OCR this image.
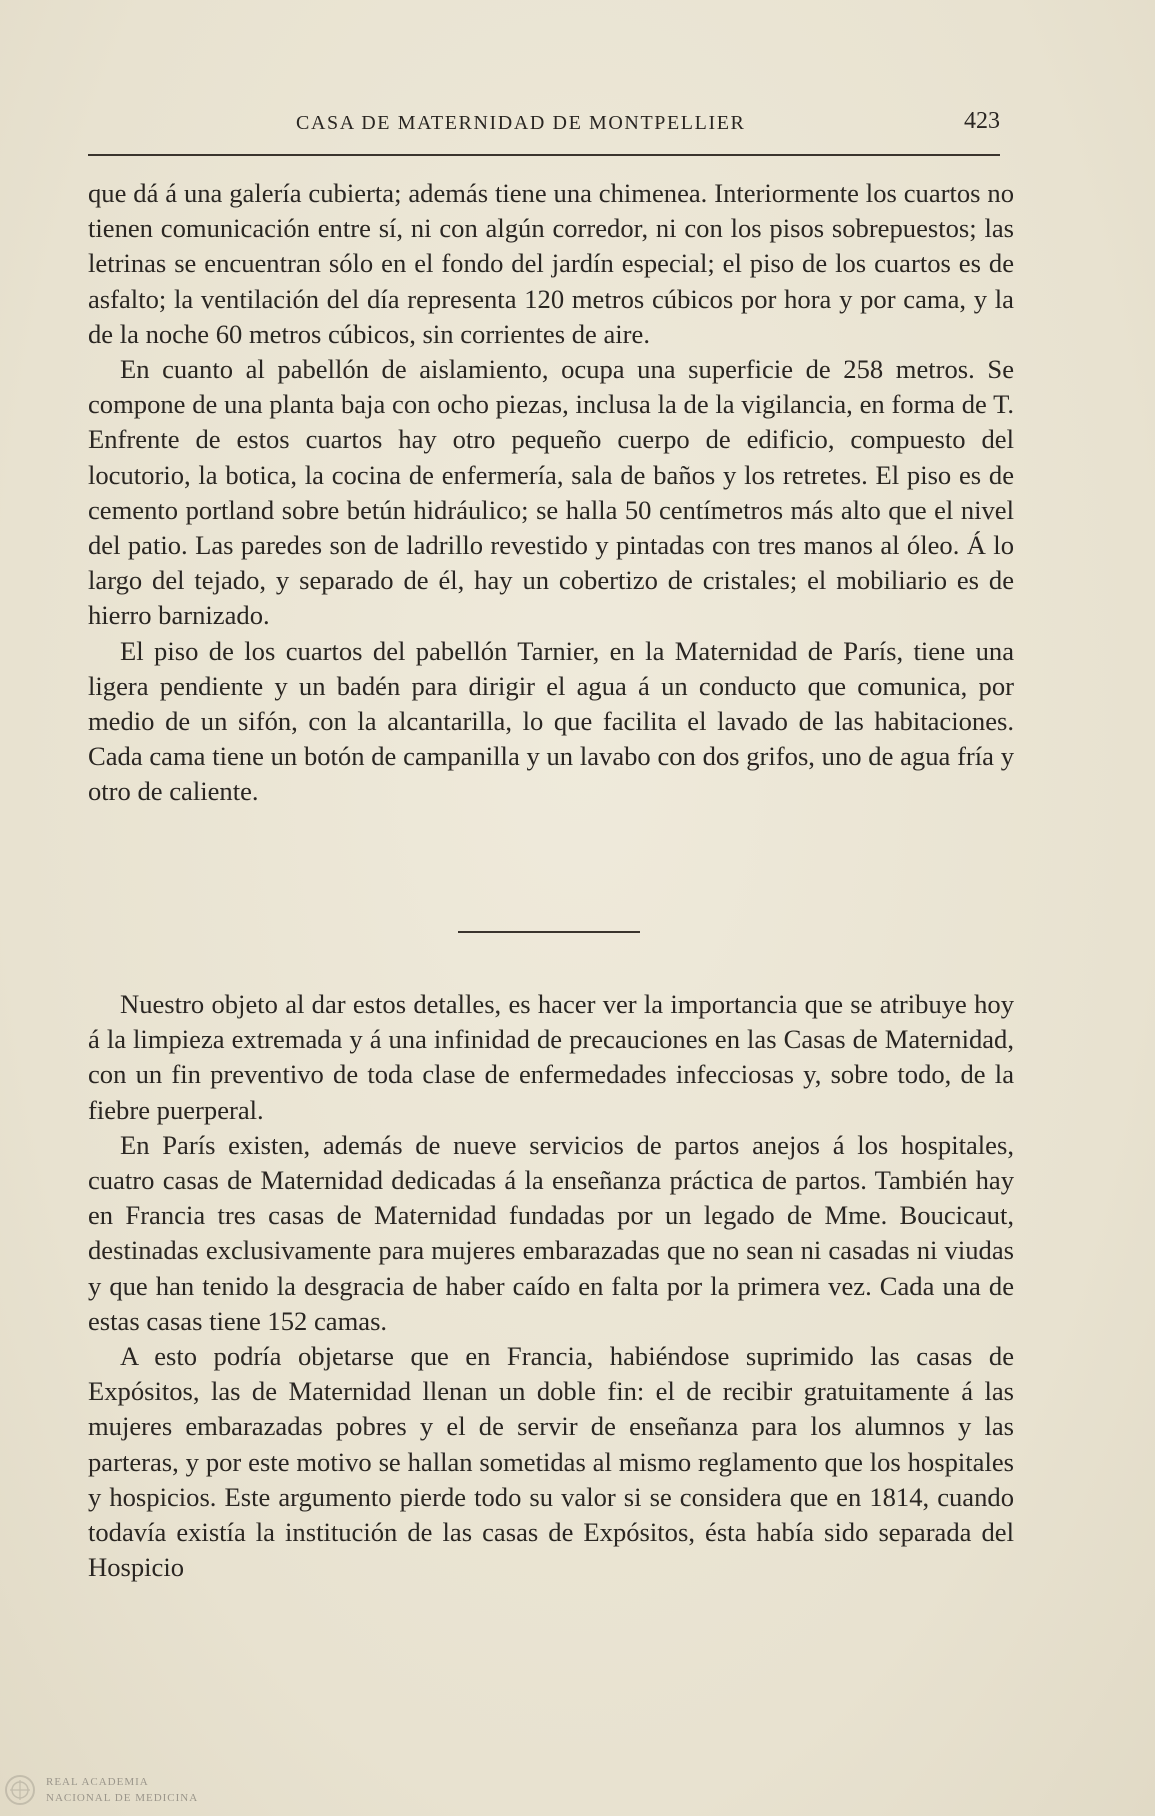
CASA DE MATERNIDAD DE MONTPELLIER	423

que dá á una galería cubierta; además tiene una chimenea. Interiormente los cuartos no tienen comunicación entre sí, ni con algún corredor, ni con los pisos sobrepuestos; las letrinas se encuentran sólo en el fondo del jardín especial; el piso de los cuartos es de asfalto; la ventilación del día representa 120 metros cúbicos por hora y por cama, y la de la noche 60 metros cúbicos, sin corrientes de aire.

En cuanto al pabellón de aislamiento, ocupa una superficie de 258 metros. Se compone de una planta baja con ocho piezas, inclusa la de la vigilancia, en forma de T. Enfrente de estos cuartos hay otro pequeño cuerpo de edificio, compuesto del locutorio, la botica, la cocina de enfermería, sala de baños y los retretes. El piso es de cemento portland sobre betún hidráulico; se halla 50 centímetros más alto que el nivel del patio. Las paredes son de ladrillo revestido y pintadas con tres manos al óleo. Á lo largo del tejado, y separado de él, hay un cobertizo de cristales; el mobiliario es de hierro barnizado.

El piso de los cuartos del pabellón Tarnier, en la Maternidad de París, tiene una ligera pendiente y un badén para dirigir el agua á un conducto que comunica, por medio de un sifón, con la alcantarilla, lo que facilita el lavado de las habitaciones. Cada cama tiene un botón de campanilla y un lavabo con dos grifos, uno de agua fría y otro de caliente.

Nuestro objeto al dar estos detalles, es hacer ver la importancia que se atribuye hoy á la limpieza extremada y á una infinidad de precauciones en las Casas de Maternidad, con un fin preventivo de toda clase de enfermedades infecciosas y, sobre todo, de la fiebre puerperal.

En París existen, además de nueve servicios de partos anejos á los hospitales, cuatro casas de Maternidad dedicadas á la enseñanza práctica de partos. También hay en Francia tres casas de Maternidad fundadas por un legado de Mme. Boucicaut, destinadas exclusivamente para mujeres embarazadas que no sean ni casadas ni viudas y que han tenido la desgracia de haber caído en falta por la primera vez. Cada una de estas casas tiene 152 camas.

A esto podría objetarse que en Francia, habiéndose suprimido las casas de Expósitos, las de Maternidad llenan un doble fin: el de recibir gratuitamente á las mujeres embarazadas pobres y el de servir de enseñanza para los alumnos y las parteras, y por este motivo se hallan sometidas al mismo reglamento que los hospitales y hospicios. Este argumento pierde todo su valor si se considera que en 1814, cuando todavía existía la institución de las casas de Expósitos, ésta había sido separada del Hospicio

REAL ACADEMIA
NACIONAL DE MEDICINA
